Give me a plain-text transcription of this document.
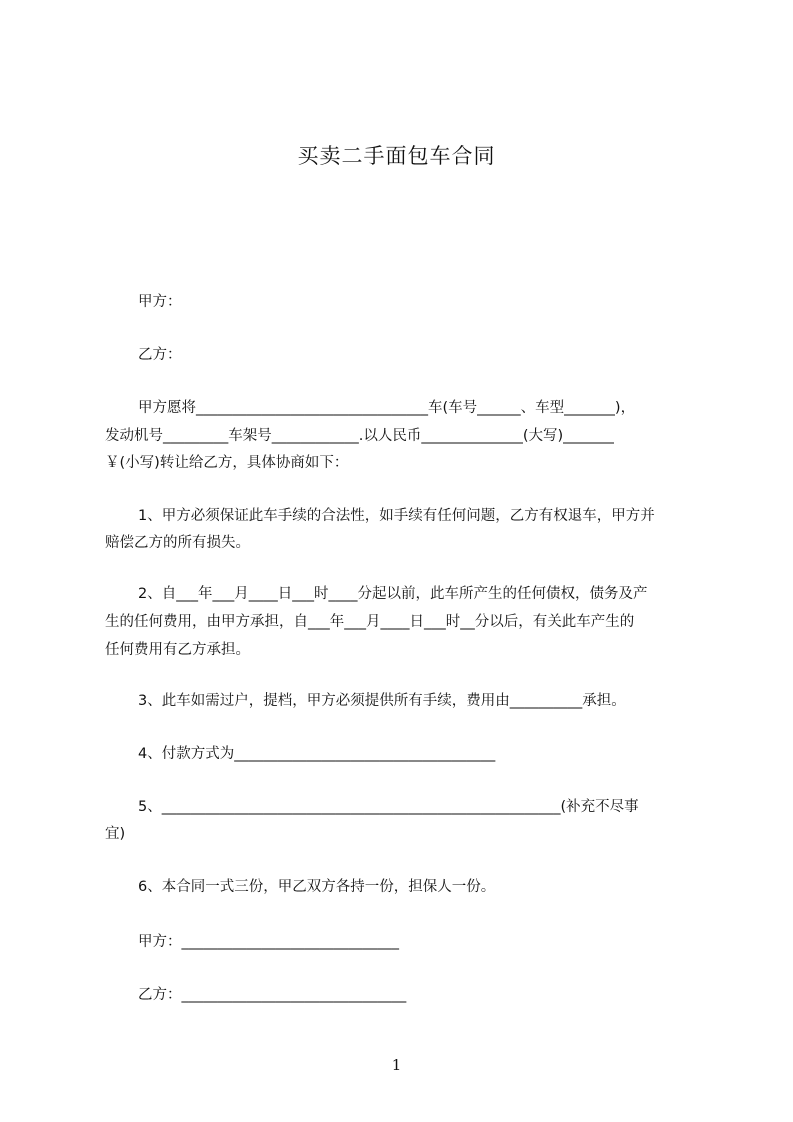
买卖二手面包车合同
甲方：
乙方：
甲方愿将________________________________车(车号______、车型_______)，
发动机号_________车架号____________.以人民币______________(大写)_______
￥(小写)转让给乙方，具体协商如下：
1、甲方必须保证此车手续的合法性，如手续有任何问题，乙方有权退车，甲方并
赔偿乙方的所有损失。
2、自___年___月____日___时____分起以前，此车所产生的任何债权，债务及产
生的任何费用，由甲方承担，自___年___月____日___时__分以后，有关此车产生的
任何费用有乙方承担。
3、此车如需过户，提档，甲方必须提供所有手续，费用由__________承担。
4、付款方式为____________________________________
5、_______________________________________________________(补充不尽事
宜)
6、本合同一式三份，甲乙双方各持一份，担保人一份。
甲方：______________________________
乙方：_______________________________
1
